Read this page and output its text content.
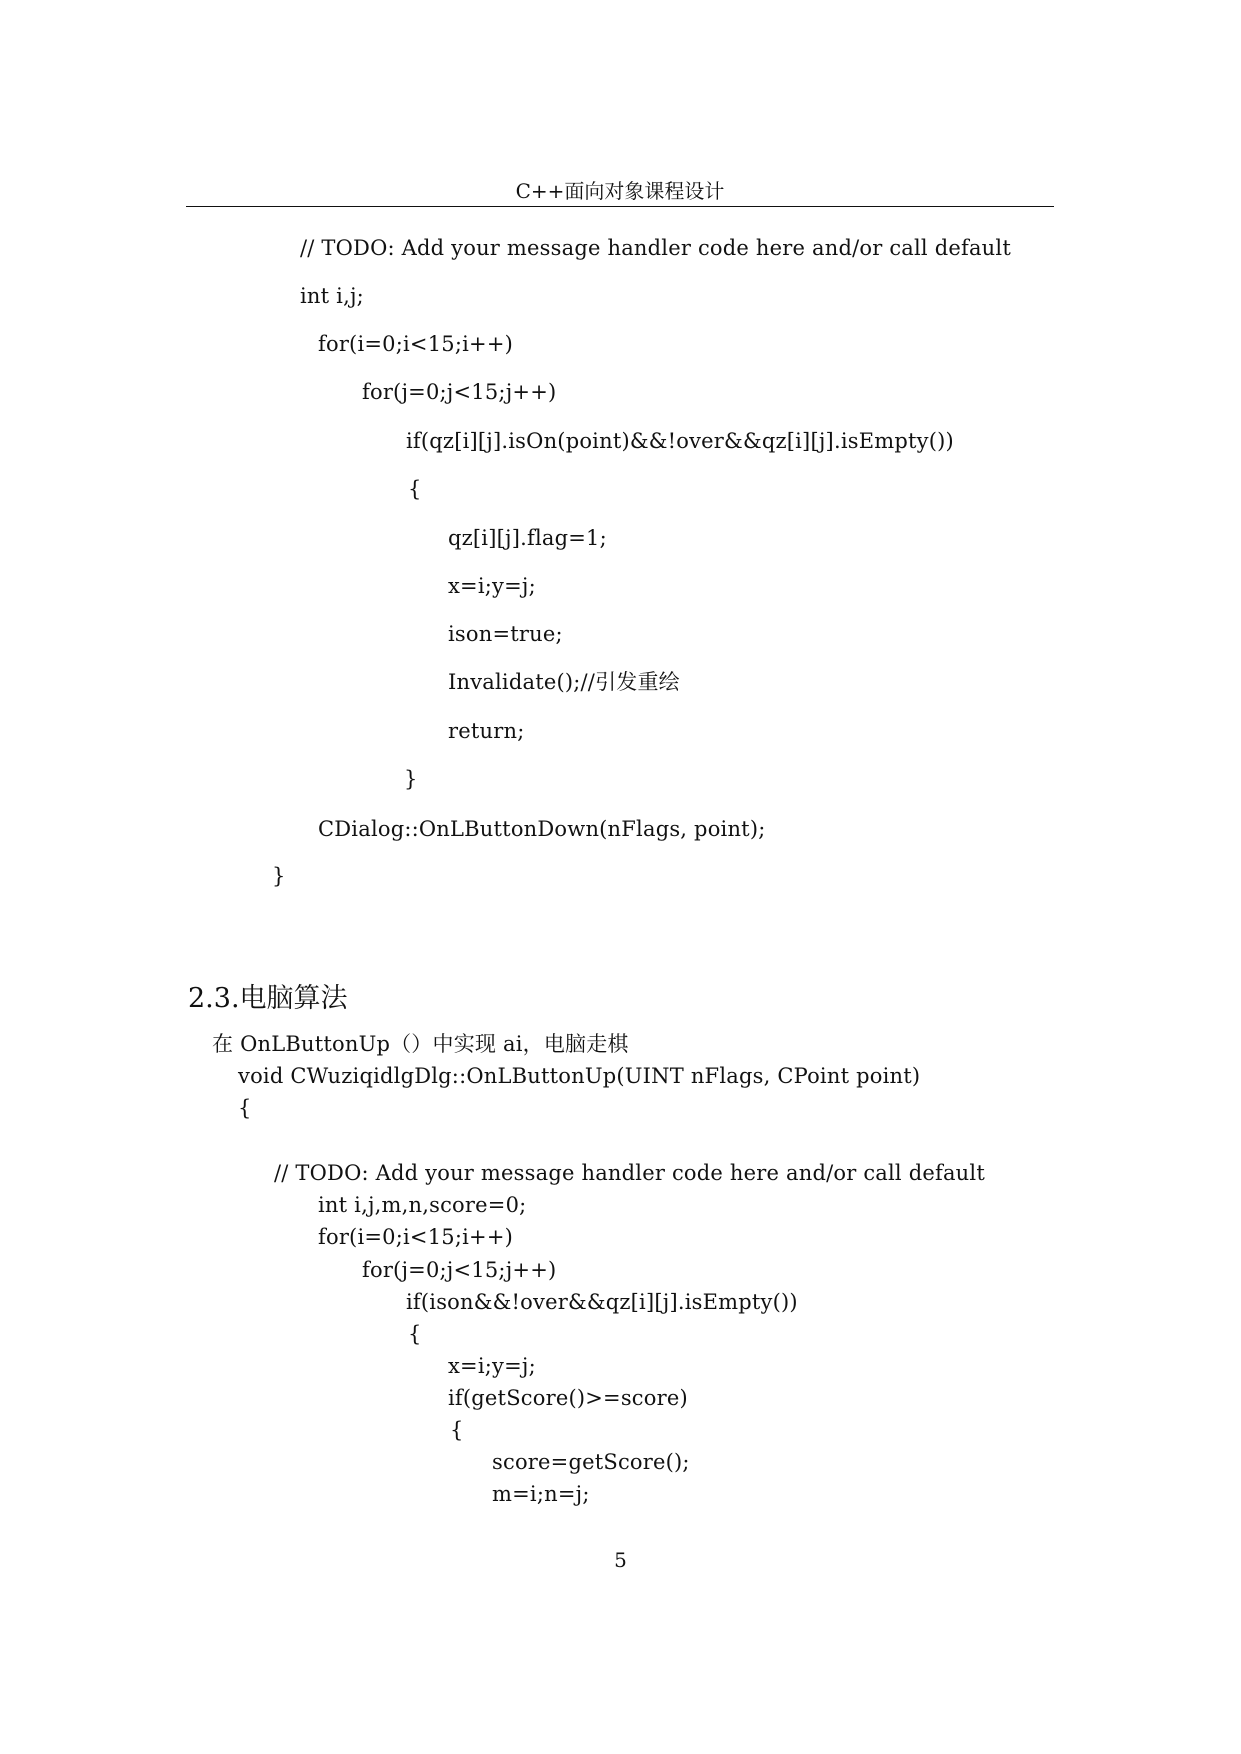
C++面向对象课程设计
// TODO: Add your message handler code here and/or call default
int i,j;
for(i=0;i<15;i++)
for(j=0;j<15;j++)
if(qz[i][j].isOn(point)&&!over&&qz[i][j].isEmpty())
{
qz[i][j].flag=1;
x=i;y=j;
ison=true;
Invalidate();//引发重绘
return;
}
CDialog::OnLButtonDown(nFlags, point);
}
2.3.电脑算法
在 OnLButtonUp（）中实现 ai，电脑走棋
void CWuziqidlgDlg::OnLButtonUp(UINT nFlags, CPoint point)
{
// TODO: Add your message handler code here and/or call default
int i,j,m,n,score=0;
for(i=0;i<15;i++)
for(j=0;j<15;j++)
if(ison&&!over&&qz[i][j].isEmpty())
{
x=i;y=j;
if(getScore()>=score)
{
score=getScore();
m=i;n=j;
5
